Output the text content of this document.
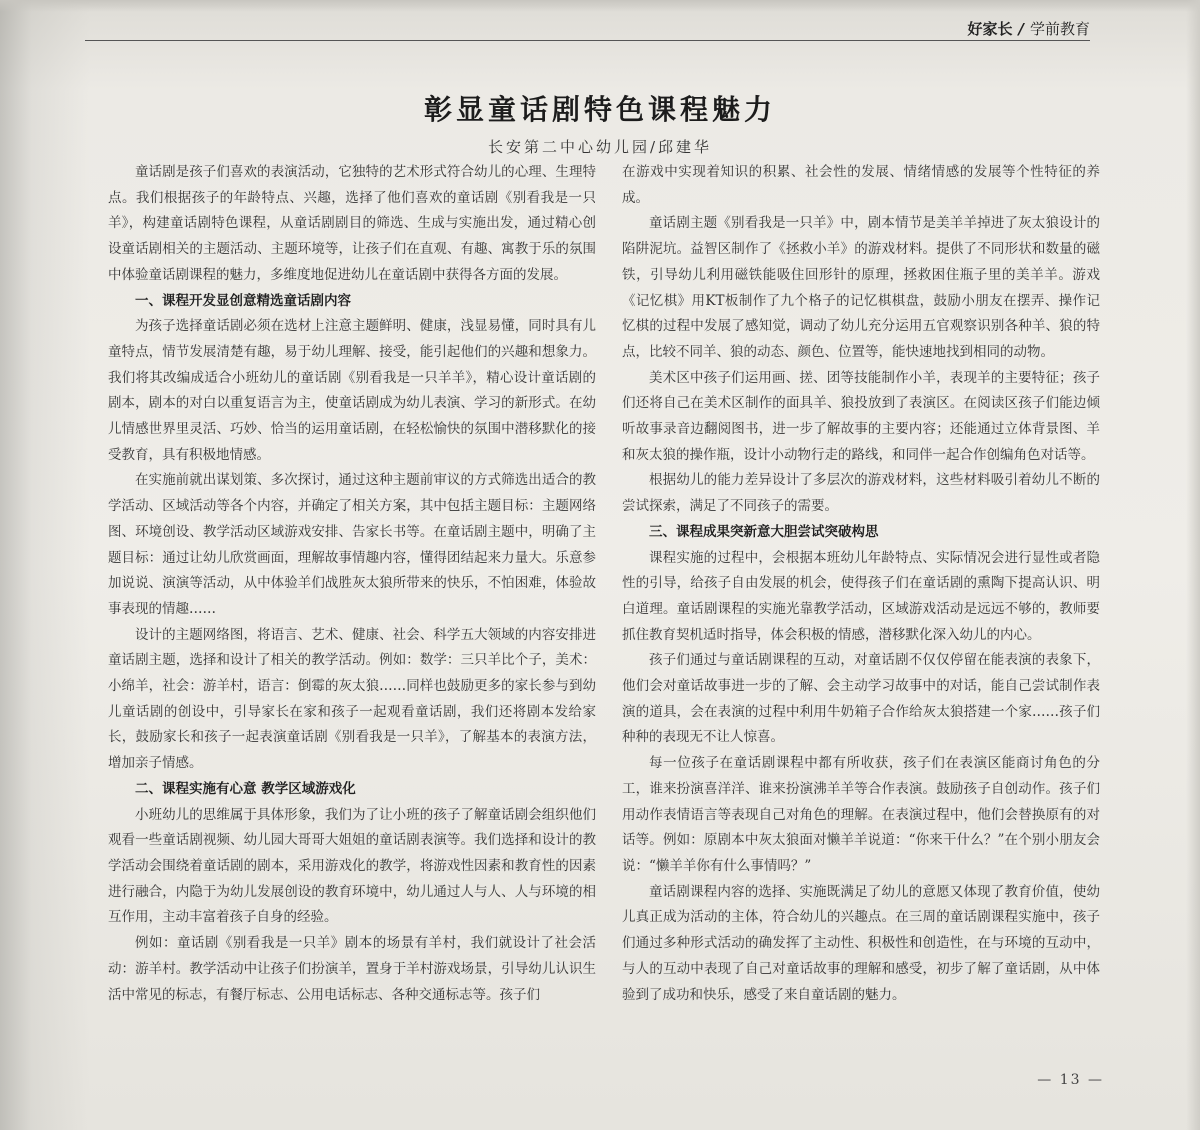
好家长 / 学前教育
彰显童话剧特色课程魅力
长安第二中心幼儿园/邱建华

童话剧是孩子们喜欢的表演活动，它独特的艺术形式符合幼儿的心理、生理特点。我们根据孩子的年龄特点、兴趣，选择了他们喜欢的童话剧《别看我是一只羊》，构建童话剧特色课程，从童话剧剧目的筛选、生成与实施出发，通过精心创设童话剧相关的主题活动、主题环境等，让孩子们在直观、有趣、寓教于乐的氛围中体验童话剧课程的魅力，多维度地促进幼儿在童话剧中获得各方面的发展。

一、课程开发显创意精选童话剧内容

为孩子选择童话剧必须在选材上注意主题鲜明、健康，浅显易懂，同时具有儿童特点，情节发展清楚有趣，易于幼儿理解、接受，能引起他们的兴趣和想象力。我们将其改编成适合小班幼儿的童话剧《别看我是一只羊羊》，精心设计童话剧的剧本，剧本的对白以重复语言为主，使童话剧成为幼儿表演、学习的新形式。在幼儿情感世界里灵活、巧妙、恰当的运用童话剧，在轻松愉快的氛围中潜移默化的接受教育，具有积极地情感。

在实施前就出谋划策、多次探讨，通过这种主题前审议的方式筛选出适合的教学活动、区域活动等各个内容，并确定了相关方案，其中包括主题目标：主题网络图、环境创设、教学活动区域游戏安排、告家长书等。在童话剧主题中，明确了主题目标：通过让幼儿欣赏画面，理解故事情趣内容，懂得团结起来力量大。乐意参加说说、演演等活动，从中体验羊们战胜灰太狼所带来的快乐，不怕困难，体验故事表现的情趣……

设计的主题网络图，将语言、艺术、健康、社会、科学五大领域的内容安排进童话剧主题，选择和设计了相关的教学活动。例如：数学：三只羊比个子，美术：小绵羊，社会：游羊村，语言：倒霉的灰太狼……同样也鼓励更多的家长参与到幼儿童话剧的创设中，引导家长在家和孩子一起观看童话剧，我们还将剧本发给家长，鼓励家长和孩子一起表演童话剧《别看我是一只羊》，了解基本的表演方法，增加亲子情感。

二、课程实施有心意 教学区域游戏化

小班幼儿的思维属于具体形象，我们为了让小班的孩子了解童话剧会组织他们观看一些童话剧视频、幼儿园大哥哥大姐姐的童话剧表演等。我们选择和设计的教学活动会围绕着童话剧的剧本，采用游戏化的教学，将游戏性因素和教育性的因素进行融合，内隐于为幼儿发展创设的教育环境中，幼儿通过人与人、人与环境的相互作用，主动丰富着孩子自身的经验。

例如：童话剧《别看我是一只羊》剧本的场景有羊村，我们就设计了社会活动：游羊村。教学活动中让孩子们扮演羊，置身于羊村游戏场景，引导幼儿认识生活中常见的标志，有餐厅标志、公用电话标志、各种交通标志等。孩子们

在游戏中实现着知识的积累、社会性的发展、情绪情感的发展等个性特征的养成。

童话剧主题《别看我是一只羊》中，剧本情节是美羊羊掉进了灰太狼设计的陷阱泥坑。益智区制作了《拯救小羊》的游戏材料。提供了不同形状和数量的磁铁，引导幼儿利用磁铁能吸住回形针的原理，拯救困住瓶子里的美羊羊。游戏《记忆棋》用KT板制作了九个格子的记忆棋棋盘，鼓励小朋友在摆弄、操作记忆棋的过程中发展了感知觉，调动了幼儿充分运用五官观察识别各种羊、狼的特点，比较不同羊、狼的动态、颜色、位置等，能快速地找到相同的动物。

美术区中孩子们运用画、搓、团等技能制作小羊，表现羊的主要特征；孩子们还将自己在美术区制作的面具羊、狼投放到了表演区。在阅读区孩子们能边倾听故事录音边翻阅图书，进一步了解故事的主要内容；还能通过立体背景图、羊和灰太狼的操作瓶，设计小动物行走的路线，和同伴一起合作创编角色对话等。

根据幼儿的能力差异设计了多层次的游戏材料，这些材料吸引着幼儿不断的尝试探索，满足了不同孩子的需要。

三、课程成果突新意大胆尝试突破构思

课程实施的过程中，会根据本班幼儿年龄特点、实际情况会进行显性或者隐性的引导，给孩子自由发展的机会，使得孩子们在童话剧的熏陶下提高认识、明白道理。童话剧课程的实施光靠教学活动，区域游戏活动是远远不够的，教师要抓住教育契机适时指导，体会积极的情感，潜移默化深入幼儿的内心。

孩子们通过与童话剧课程的互动，对童话剧不仅仅停留在能表演的表象下，他们会对童话故事进一步的了解、会主动学习故事中的对话，能自己尝试制作表演的道具，会在表演的过程中利用牛奶箱子合作给灰太狼搭建一个家……孩子们种种的表现无不让人惊喜。

每一位孩子在童话剧课程中都有所收获，孩子们在表演区能商讨角色的分工，谁来扮演喜洋洋、谁来扮演沸羊羊等合作表演。鼓励孩子自创动作。孩子们用动作表情语言等表现自己对角色的理解。在表演过程中，他们会替换原有的对话等。例如：原剧本中灰太狼面对懒羊羊说道：“你来干什么？”在个别小朋友会说：“懒羊羊你有什么事情吗？”

童话剧课程内容的选择、实施既满足了幼儿的意愿又体现了教育价值，使幼儿真正成为活动的主体，符合幼儿的兴趣点。在三周的童话剧课程实施中，孩子们通过多种形式活动的确发挥了主动性、积极性和创造性，在与环境的互动中，与人的互动中表现了自己对童话故事的理解和感受，初步了解了童话剧，从中体验到了成功和快乐，感受了来自童话剧的魅力。

— 13 —
